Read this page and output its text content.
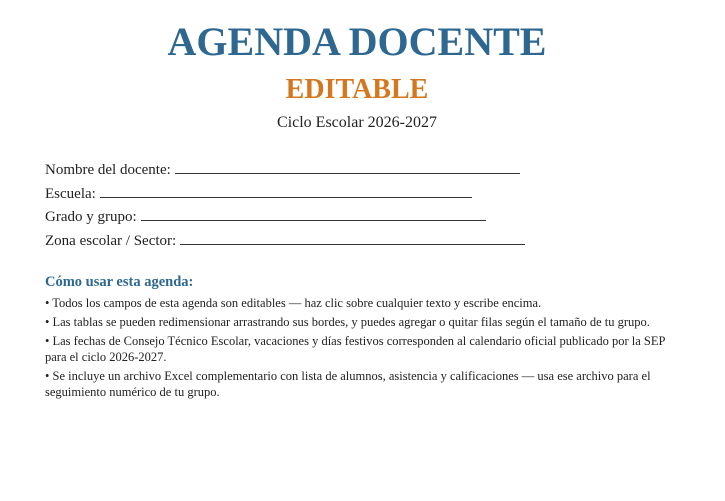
AGENDA DOCENTE
EDITABLE
Ciclo Escolar 2026-2027
Nombre del docente:
Escuela:
Grado y grupo:
Zona escolar / Sector:
Cómo usar esta agenda:
• Todos los campos de esta agenda son editables — haz clic sobre cualquier texto y escribe encima.
• Las tablas se pueden redimensionar arrastrando sus bordes, y puedes agregar o quitar filas según el tamaño de tu grupo.
• Las fechas de Consejo Técnico Escolar, vacaciones y días festivos corresponden al calendario oficial publicado por la SEP para el ciclo 2026-2027.
• Se incluye un archivo Excel complementario con lista de alumnos, asistencia y calificaciones — usa ese archivo para el seguimiento numérico de tu grupo.
